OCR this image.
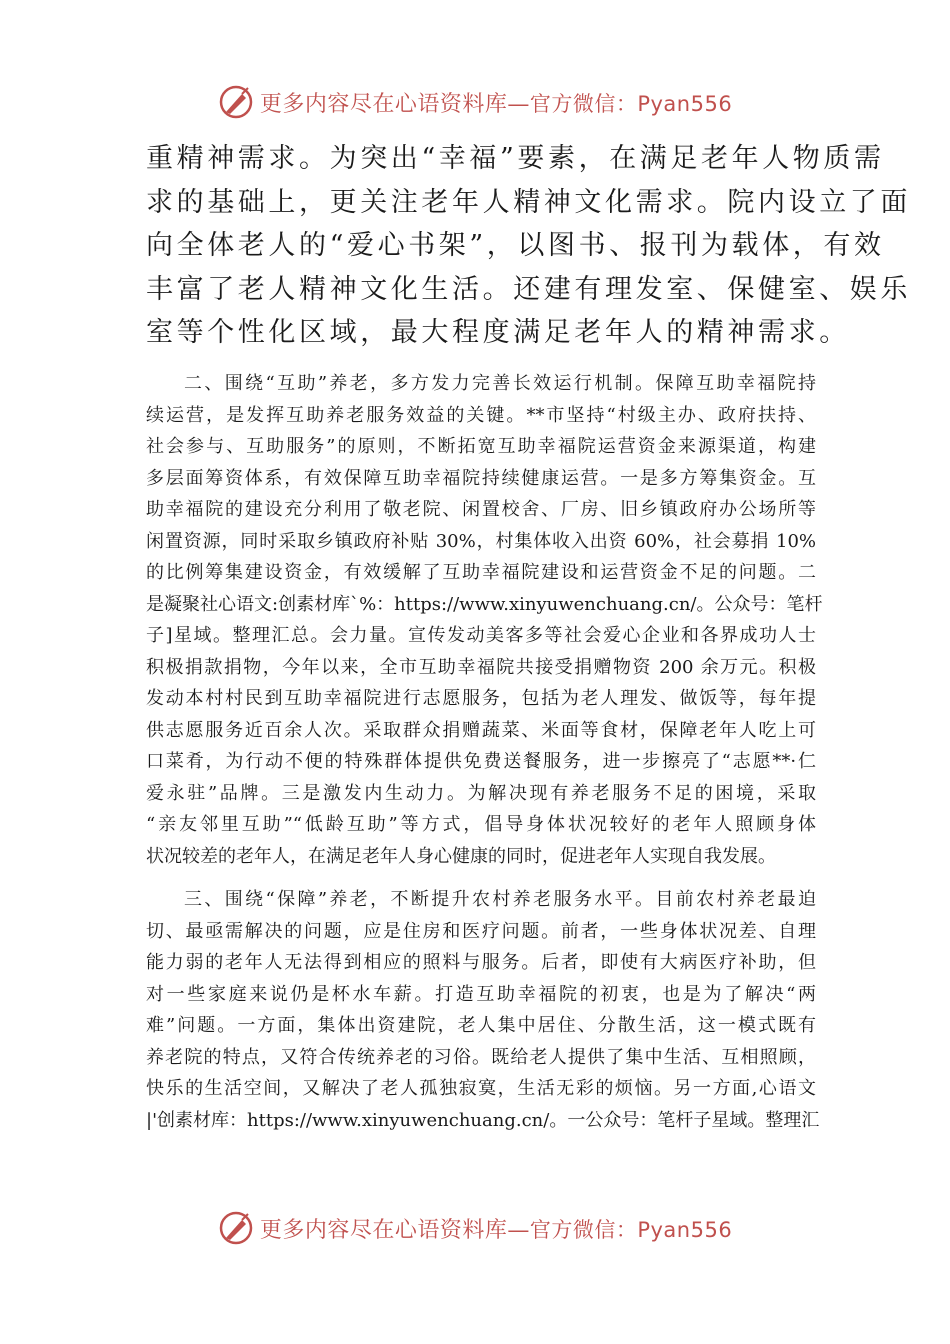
更多内容尽在心语资料库—官方微信：Pyan556
重精神需求。为突出“幸福”要素，在满足老年人物质需
求的基础上，更关注老年人精神文化需求。院内设立了面
向全体老人的“爱心书架”，以图书、报刊为载体，有效
丰富了老人精神文化生活。还建有理发室、保健室、娱乐
室等个性化区域，最大程度满足老年人的精神需求。
二、围绕“互助”养老，多方发力完善长效运行机制。保障互助幸福院持
续运营，是发挥互助养老服务效益的关键。**市坚持“村级主办、政府扶持、
社会参与、互助服务”的原则，不断拓宽互助幸福院运营资金来源渠道，构建
多层面筹资体系，有效保障互助幸福院持续健康运营。一是多方筹集资金。互
助幸福院的建设充分利用了敬老院、闲置校舍、厂房、旧乡镇政府办公场所等
闲置资源，同时采取乡镇政府补贴 30%，村集体收入出资 60%，社会募捐 10%
的比例筹集建设资金，有效缓解了互助幸福院建设和运营资金不足的问题。二
是凝聚社心语文:创素材库`%：https://www.xinyuwenchuang.cn/。公众号：笔杆
子]星域。整理汇总。会力量。宣传发动美客多等社会爱心企业和各界成功人士
积极捐款捐物，今年以来，全市互助幸福院共接受捐赠物资 200 余万元。积极
发动本村村民到互助幸福院进行志愿服务，包括为老人理发、做饭等，每年提
供志愿服务近百余人次。采取群众捐赠蔬菜、米面等食材，保障老年人吃上可
口菜肴，为行动不便的特殊群体提供免费送餐服务，进一步擦亮了“志愿**·仁
爱永驻”品牌。三是激发内生动力。为解决现有养老服务不足的困境，采取
“亲友邻里互助”“低龄互助”等方式，倡导身体状况较好的老年人照顾身体
状况较差的老年人，在满足老年人身心健康的同时，促进老年人实现自我发展。
三、围绕“保障”养老，不断提升农村养老服务水平。目前农村养老最迫
切、最亟需解决的问题，应是住房和医疗问题。前者，一些身体状况差、自理
能力弱的老年人无法得到相应的照料与服务。后者，即使有大病医疗补助，但
对一些家庭来说仍是杯水车薪。打造互助幸福院的初衷，也是为了解决“两
难”问题。一方面，集体出资建院，老人集中居住、分散生活，这一模式既有
养老院的特点，又符合传统养老的习俗。既给老人提供了集中生活、互相照顾，
快乐的生活空间，又解决了老人孤独寂寞，生活无彩的烦恼。另一方面,心语文
|'创素材库：https://www.xinyuwenchuang.cn/。一公众号：笔杆子星域。整理汇
更多内容尽在心语资料库—官方微信：Pyan556
